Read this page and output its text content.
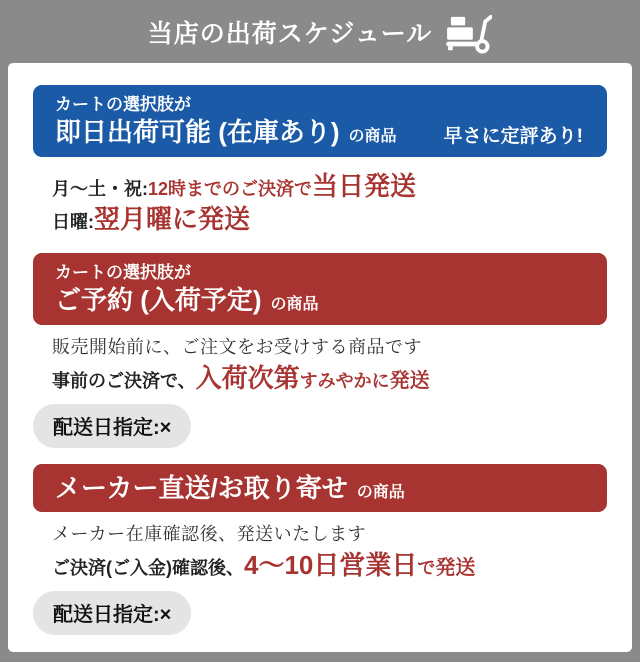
当店の出荷スケジュール
カートの選択肢が
即日出荷可能 (在庫あり) の商品 早さに定評あり!
月〜土・祝: 12時までのご決済で 当日発送
日曜: 翌月曜に発送
カートの選択肢が
ご予約 (入荷予定) の商品
販売開始前に、ご注文をお受けする商品です
事前のご決済で、 入荷次第 すみやかに 発送
配送日指定:×
メーカー直送/お取り寄せ の商品
メーカー在庫確認後、発送いたします
ご決済(ご入金)確認後、 4〜10日営業日 で 発送
配送日指定:×
